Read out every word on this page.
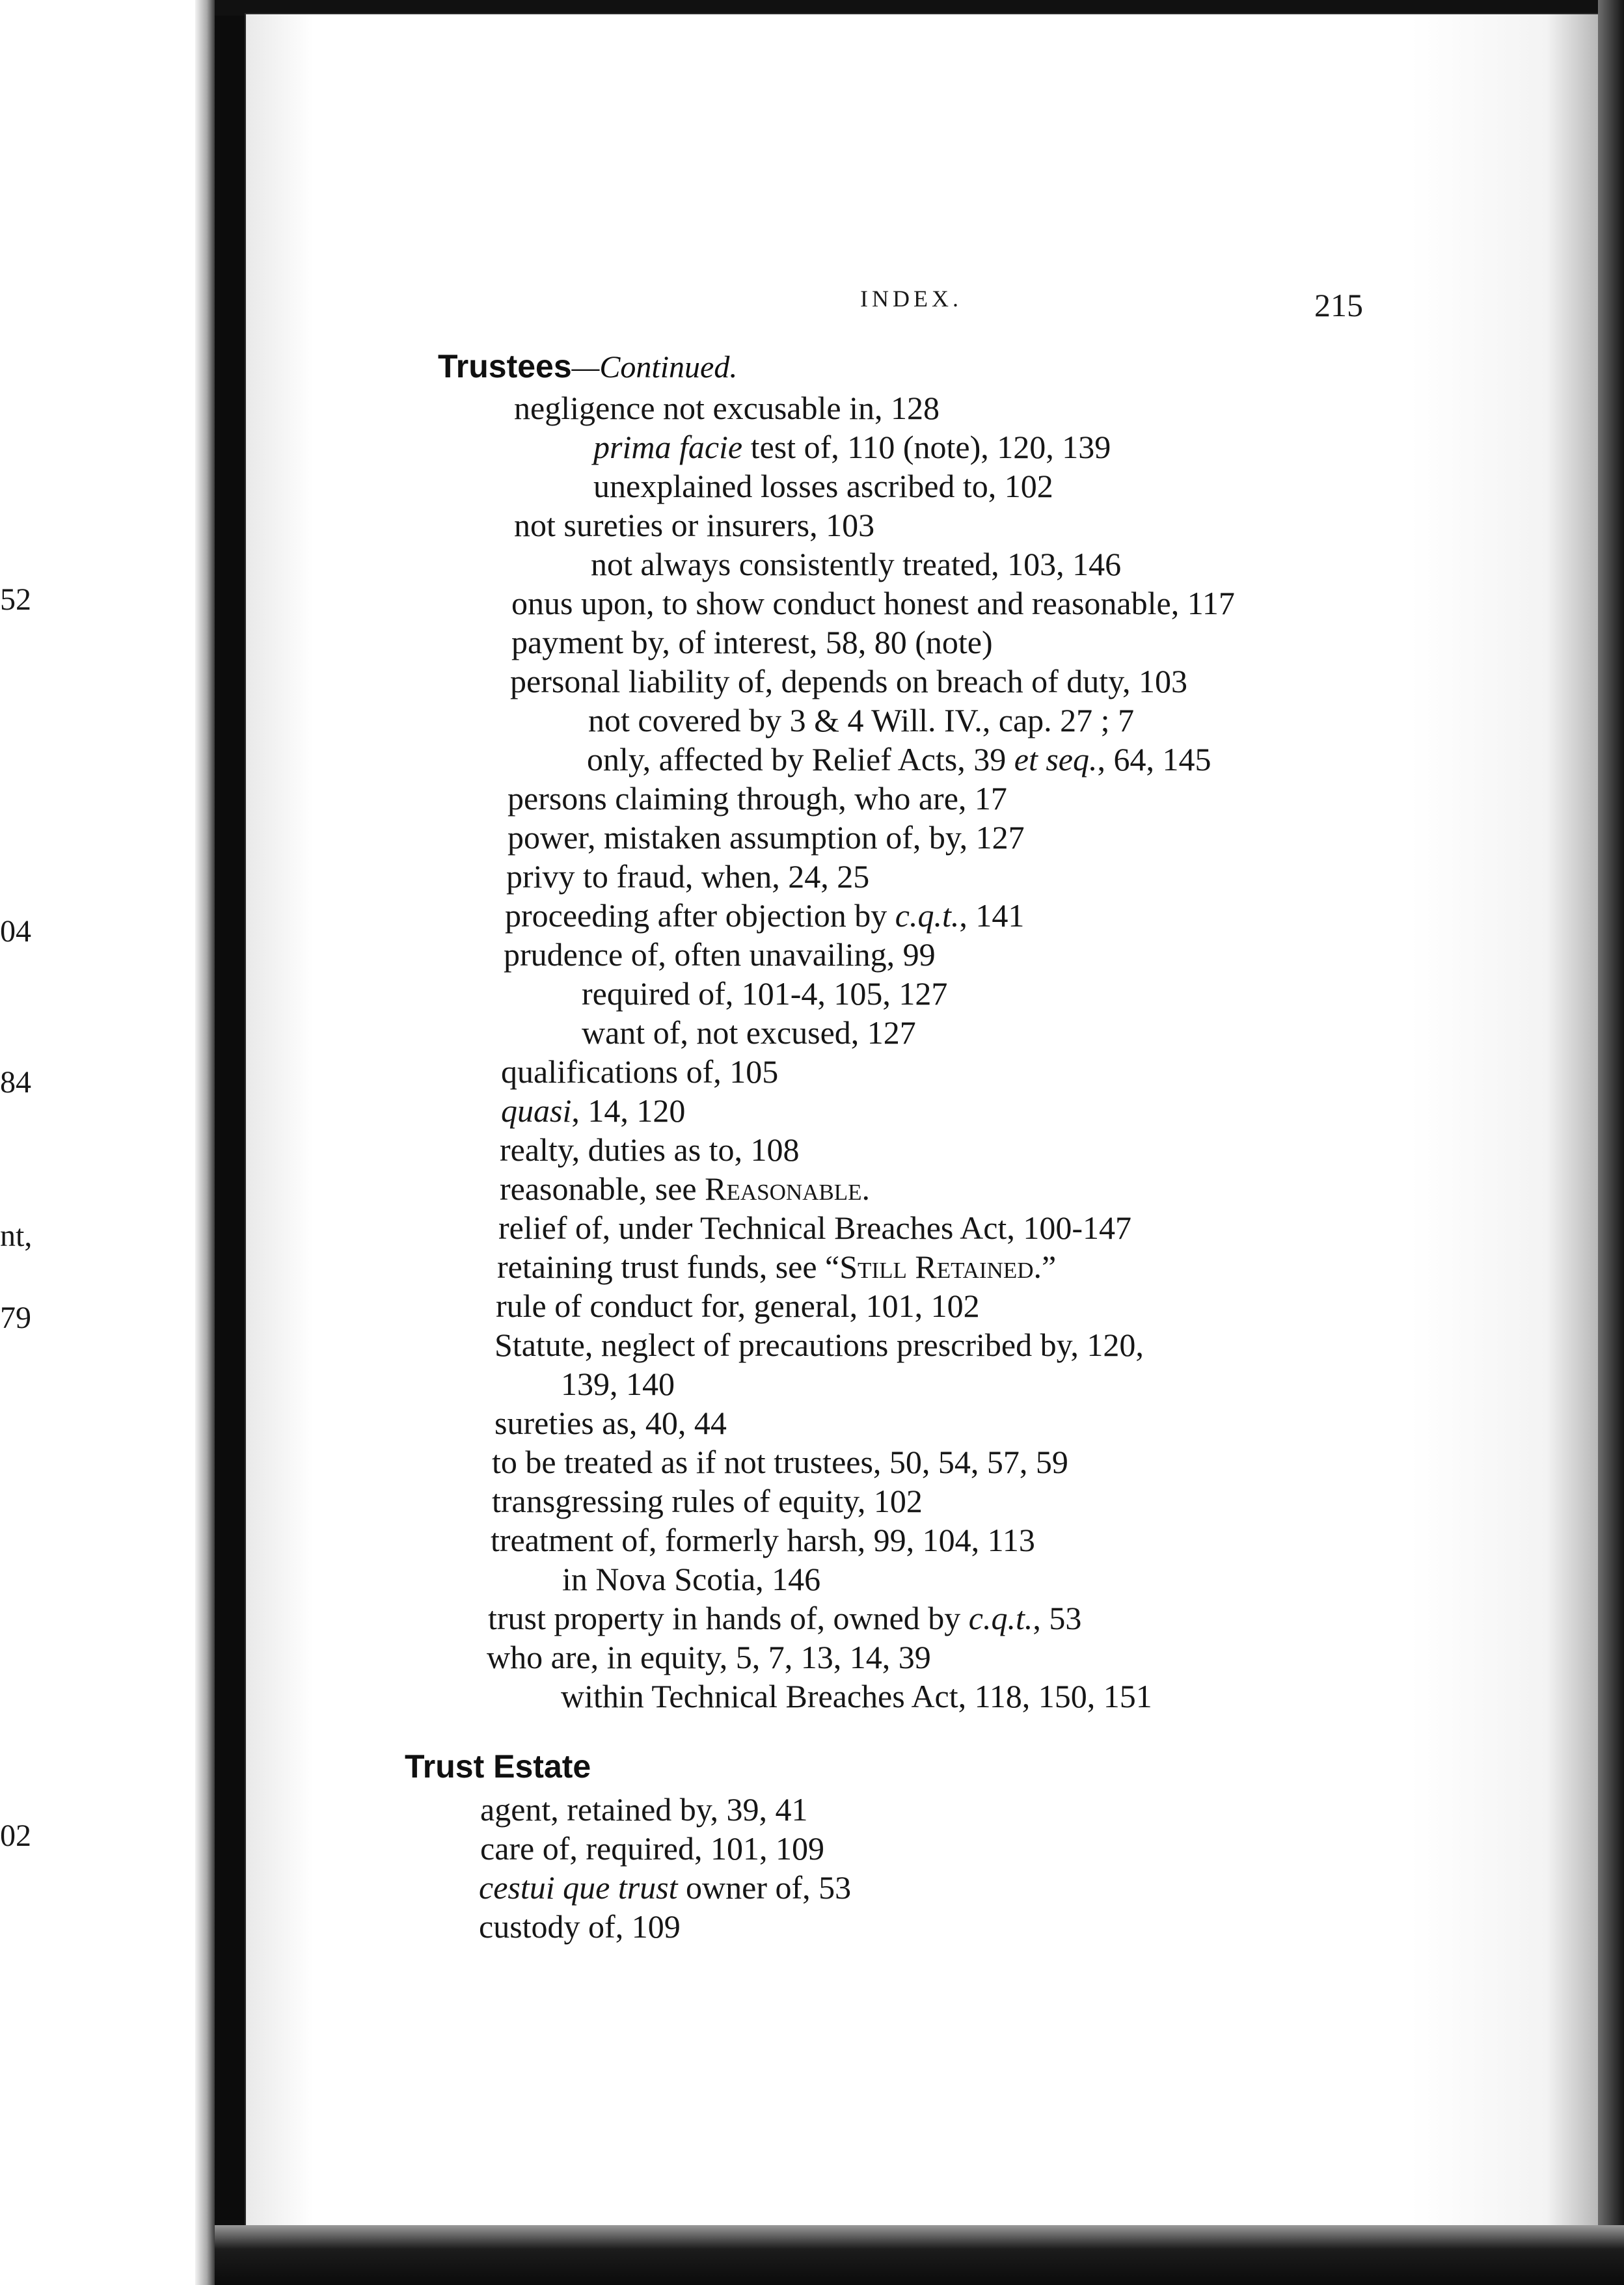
52
04
84
nt,
79
02
INDEX.	215
Trustees—Continued.
negligence not excusable in, 128
prima facie test of, 110 (note), 120, 139
unexplained losses ascribed to, 102
not sureties or insurers, 103
not always consistently treated, 103, 146
onus upon, to show conduct honest and reasonable, 117
payment by, of interest, 58, 80 (note)
personal liability of, depends on breach of duty, 103
not covered by 3 & 4 Will. IV., cap. 27 ; 7
only, affected by Relief Acts, 39 et seq., 64, 145
persons claiming through, who are, 17
power, mistaken assumption of, by, 127
privy to fraud, when, 24, 25
proceeding after objection by c.q.t., 141
prudence of, often unavailing, 99
required of, 101-4, 105, 127
want of, not excused, 127
qualifications of, 105
quasi, 14, 120
realty, duties as to, 108
reasonable, see Reasonable.
relief of, under Technical Breaches Act, 100-147
retaining trust funds, see “Still Retained.”
rule of conduct for, general, 101, 102
Statute, neglect of precautions prescribed by, 120,
139, 140
sureties as, 40, 44
to be treated as if not trustees, 50, 54, 57, 59
transgressing rules of equity, 102
treatment of, formerly harsh, 99, 104, 113
in Nova Scotia, 146
trust property in hands of, owned by c.q.t., 53
who are, in equity, 5, 7, 13, 14, 39
within Technical Breaches Act, 118, 150, 151
Trust Estate
agent, retained by, 39, 41
care of, required, 101, 109
cestui que trust owner of, 53
custody of, 109
